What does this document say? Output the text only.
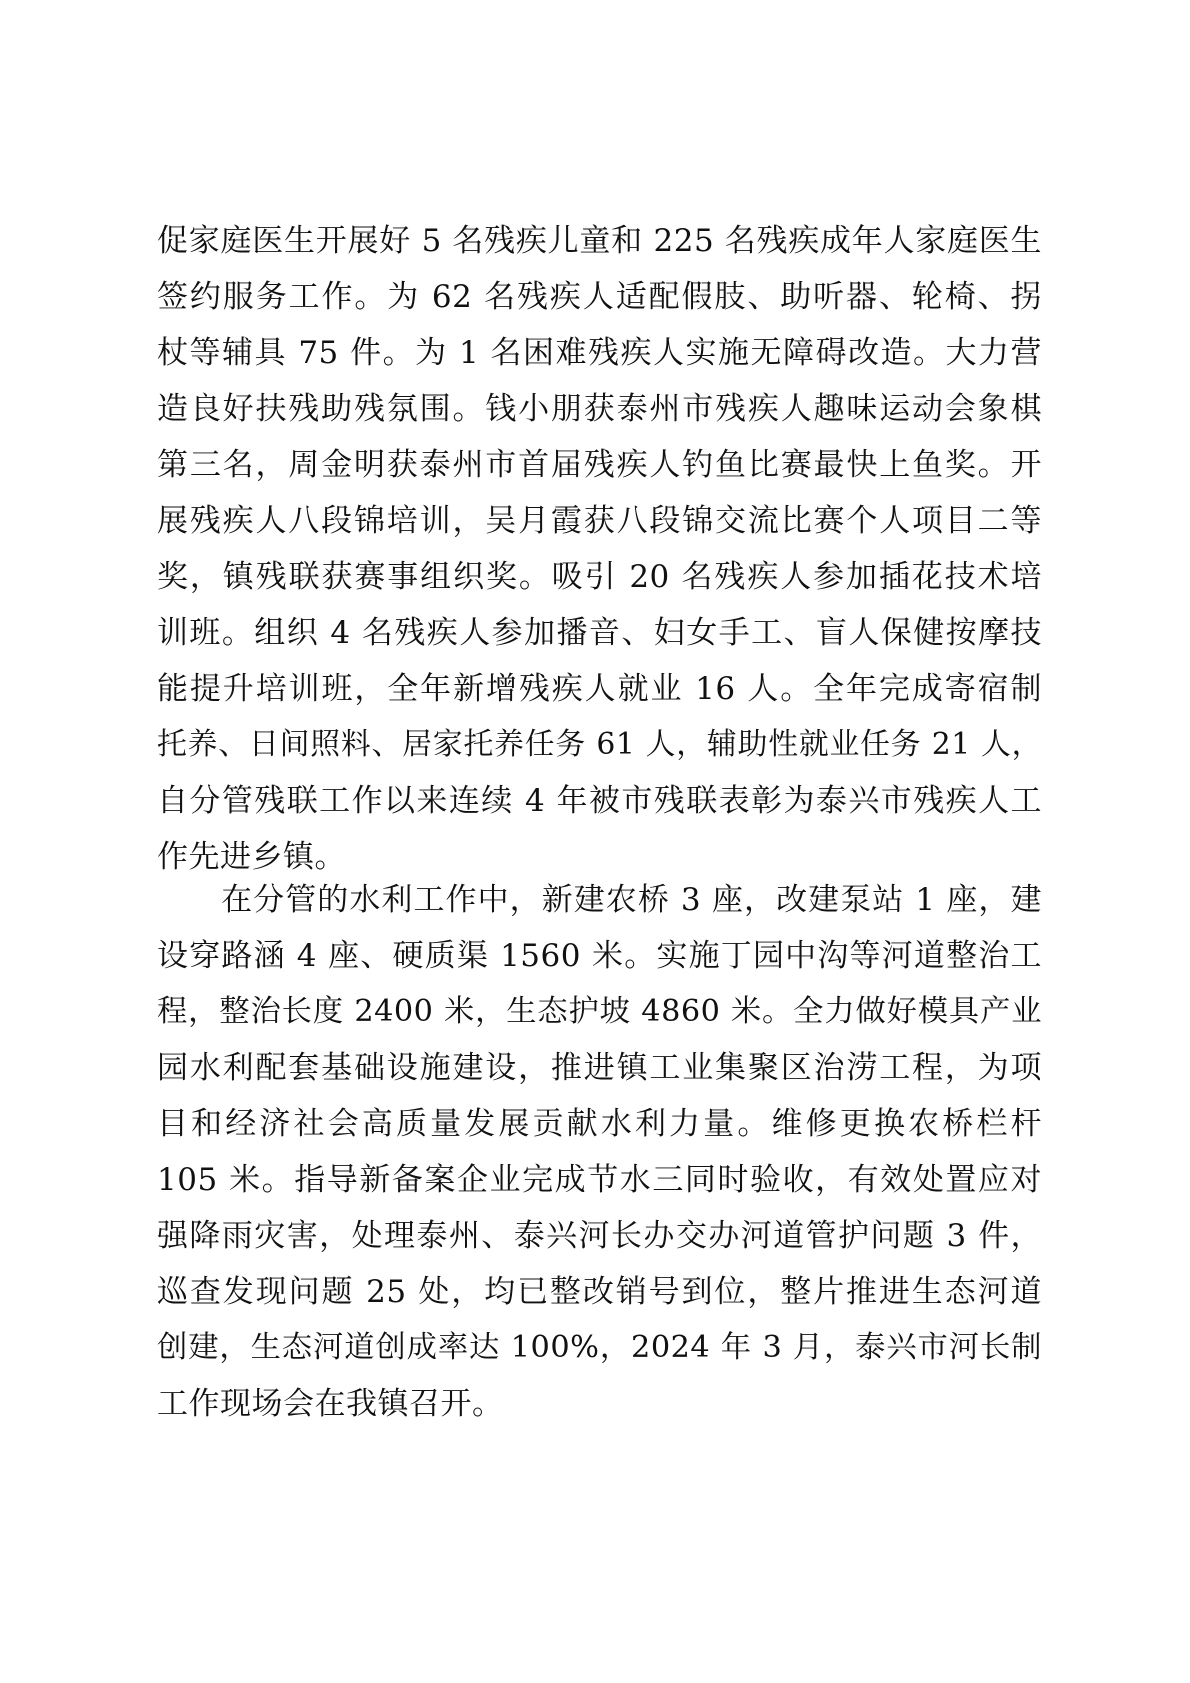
促家庭医生开展好 5 名残疾儿童和 225 名残疾成年人家庭医生
签约服务工作。为 62 名残疾人适配假肢、助听器、轮椅、拐
杖等辅具 75 件。为 1 名困难残疾人实施无障碍改造。大力营
造良好扶残助残氛围。钱小朋获泰州市残疾人趣味运动会象棋
第三名，周金明获泰州市首届残疾人钓鱼比赛最快上鱼奖。开
展残疾人八段锦培训，吴月霞获八段锦交流比赛个人项目二等
奖，镇残联获赛事组织奖。吸引 20 名残疾人参加插花技术培
训班。组织 4 名残疾人参加播音、妇女手工、盲人保健按摩技
能提升培训班，全年新增残疾人就业 16 人。全年完成寄宿制
托养、日间照料、居家托养任务 61 人，辅助性就业任务 21 人，
自分管残联工作以来连续 4 年被市残联表彰为泰兴市残疾人工
作先进乡镇。
　　在分管的水利工作中，新建农桥 3 座，改建泵站 1 座，建
设穿路涵 4 座、硬质渠 1560 米。实施丁园中沟等河道整治工
程，整治长度 2400 米，生态护坡 4860 米。全力做好模具产业
园水利配套基础设施建设，推进镇工业集聚区治涝工程，为项
目和经济社会高质量发展贡献水利力量。维修更换农桥栏杆
105 米。指导新备案企业完成节水三同时验收，有效处置应对
强降雨灾害，处理泰州、泰兴河长办交办河道管护问题 3 件，
巡查发现问题 25 处，均已整改销号到位，整片推进生态河道
创建，生态河道创成率达 100%，2024 年 3 月，泰兴市河长制
工作现场会在我镇召开。
